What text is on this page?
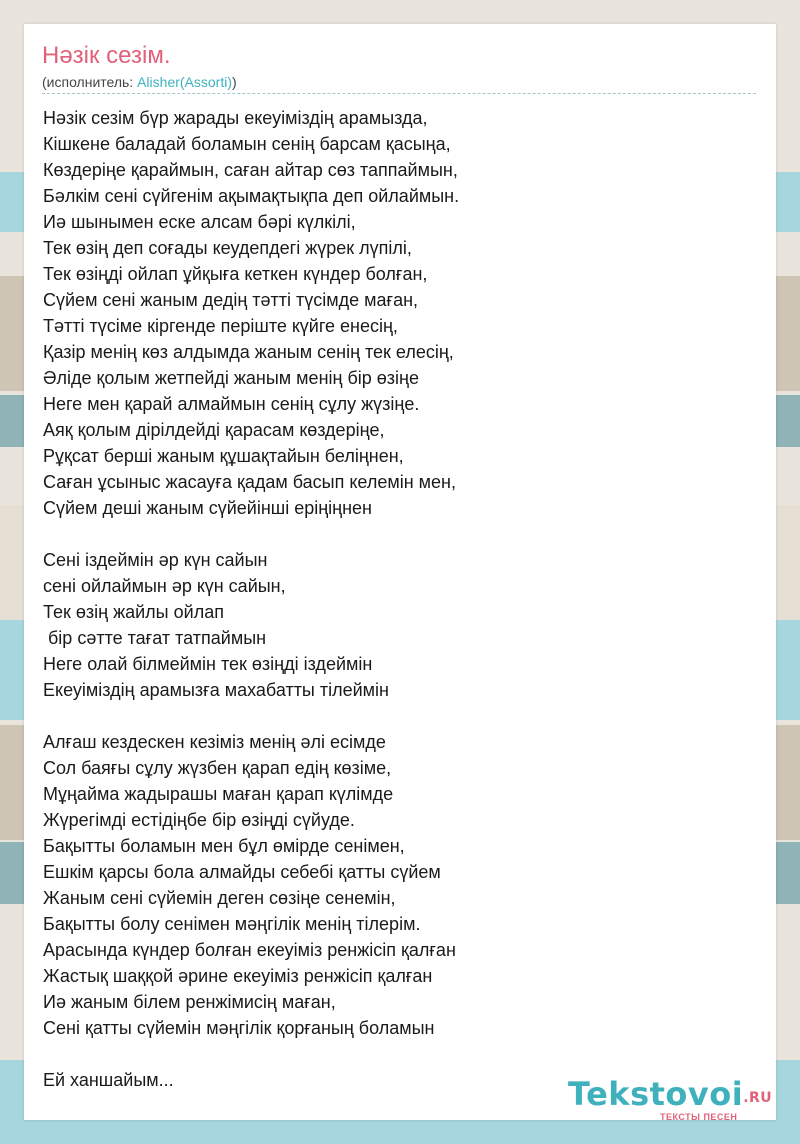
Нәзік сезім.
(исполнитель: Alisher(Assorti))
Нәзік сезім бүр жарады екеуіміздің арамызда,
Кішкене баладай боламын сенің барсам қасыңа,
Көздеріңе қараймын, саған айтар сөз таппаймын,
Бәлкім сені сүйгенім ақымақтықпа деп ойлаймын.
Иә шынымен еске алсам бәрі күлкілі,
Тек өзің деп соғады кеудепдегі жүрек лүпілі,
Тек өзіңді ойлап ұйқыға кеткен күндер болған,
Сүйем сені жаным дедің тәтті түсімде маған,
Тәтті түсіме кіргенде періште күйге енесің,
Қазір менің көз алдымда жаным сенің тек елесің,
Әліде қолым жетпейді жаным менің бір өзіңе
Неге мен қарай алмаймын сенің сұлу жүзіңе.
Аяқ қолым дірілдейді қарасам көздеріңе,
Рұқсат берші жаным құшақтайын беліңнен,
Саған ұсыныс жасауға қадам басып келемін мен,
Сүйем деші жаным сүйейінші еріңіңнен
Сені іздеймін әр күн сайын
сені ойлаймын әр күн сайын,
Тек өзің жайлы ойлап
бір сәтте тағат татпаймын
Неге олай білмеймін тек өзіңді іздеймін
Екеуіміздің арамызға махабатты тілеймін
Алғаш кездескен кезіміз менің әлі есімде
Сол баяғы сұлу жүзбен қарап едің көзіме,
Мұңайма жадырашы маған қарап күлімде
Жүрегімді естідіңбе бір өзіңді сүйуде.
Бақытты боламын мен бұл өмірде сенімен,
Ешкім қарсы бола алмайды себебі қатты сүйем
Жаным сені сүйемін деген сөзіңе сенемін,
Бақытты болу сенімен мәңгілік менің тілерім.
Арасында күндер болған екеуіміз ренжісіп қалған
Жастық шаққой әрине екеуіміз ренжісіп қалған
Иә жаным білем ренжімисің маған,
Сені қатты сүйемін мәңгілік қорғаның боламын
Ей ханшайым...	Tekstovoi.RU
ТЕКСТЫ ПЕСЕН
